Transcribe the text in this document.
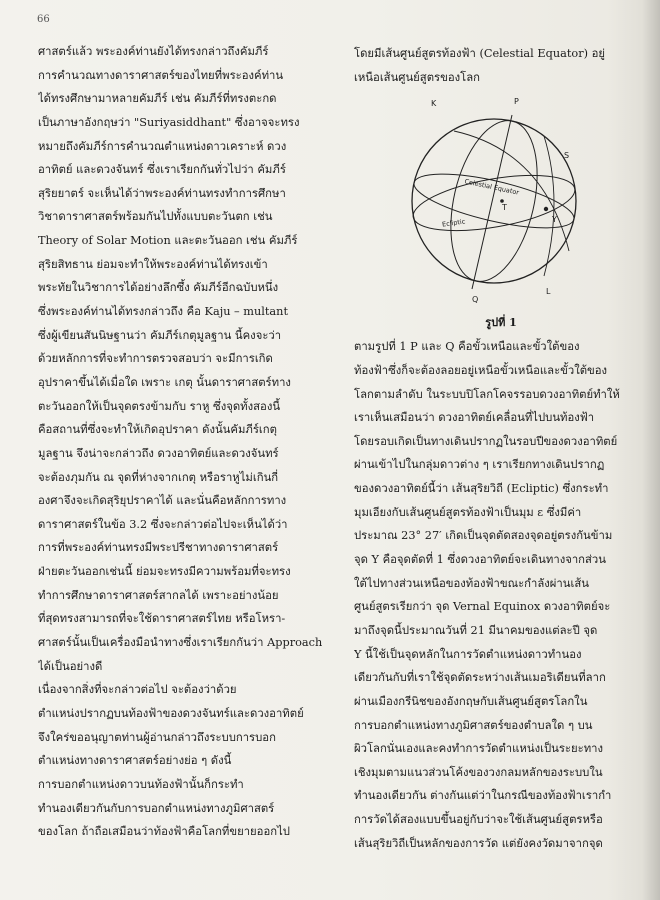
66
ศาสตร์แล้ว พระองค์ท่านยังได้ทรงกล่าวถึงคัมภีร์
การคำนวณทางดาราศาสตร์ของไทยที่พระองค์ท่าน
ได้ทรงศึกษามาหลายคัมภีร์ เช่น คัมภีร์ที่ทรงตะกด
เป็นภาษาอังกฤษว่า "Suriyasiddhant" ซึ่งอาจจะทรง
หมายถึงคัมภีร์การคำนวณตำแหน่งดาวเคราะห์ ดวง
อาทิตย์ และดวงจันทร์ ซึ่งเราเรียกกันทั่วไปว่า คัมภีร์
สุริยยาตร์ จะเห็นได้ว่าพระองค์ท่านทรงทำการศึกษา
วิชาดาราศาสตร์พร้อมกันไปทั้งแบบตะวันตก เช่น
Theory of Solar Motion และตะวันออก เช่น คัมภีร์
สุริยสิทธาน ย่อมจะทำให้พระองค์ท่านได้ทรงเข้า
พระทัยในวิชาการได้อย่างลึกซึ้ง คัมภีร์อีกฉบับหนึ่ง
ซึ่งพระองค์ท่านได้ทรงกล่าวถึง คือ Kaju – multant
ซึ่งผู้เขียนสันนิษฐานว่า คัมภีร์เกตุมูลฐาน นี้คงจะว่า
ด้วยหลักการที่จะทำการตรวจสอบว่า จะมีการเกิด
อุปราคาขึ้นได้เมื่อใด เพราะ เกตุ นั้นดาราศาสตร์ทาง
ตะวันออกให้เป็นจุดตรงข้ามกับ ราหู ซึ่งจุดทั้งสองนี้
คือสถานที่ซึ่งจะทำให้เกิดอุปราคา ดังนั้นคัมภีร์เกตุ
มูลฐาน จึงน่าจะกล่าวถึง ดวงอาทิตย์และดวงจันทร์
จะต้องภุมกัน ณ จุดที่ห่างจากเกตุ หรือราหูไม่เกินกี่
องศาจึงจะเกิดสุริยุปราคาได้ และนั่นคือหลักการทาง
ดาราศาสตร์ในข้อ 3.2 ซึ่งจะกล่าวต่อไปจะเห็นได้ว่า
การที่พระองค์ท่านทรงมีพระปรีชาทางดาราศาสตร์
ฝ่ายตะวันออกเช่นนี้ ย่อมจะทรงมีความพร้อมที่จะทรง
ทำการศึกษาดาราศาสตร์สากลได้ เพราะอย่างน้อย
ที่สุดทรงสามารถที่จะใช้ดาราศาสตร์ไทย หรือโหรา-
ศาสตร์นั้นเป็นเครื่องมือนำทางซึ่งเราเรียกกันว่า Approach
ได้เป็นอย่างดี
เนื่องจากสิ่งที่จะกล่าวต่อไป จะต้องว่าด้วย
ตำแหน่งปรากฏบนท้องฟ้าของดวงจันทร์และดวงอาทิตย์
จึงใคร่ขออนุญาตท่านผู้อ่านกล่าวถึงระบบการบอก
ตำแหน่งทางดาราศาสตร์อย่างย่อ ๆ ดังนี้
การบอกตำแหน่งดาวบนท้องฟ้านั้นก็กระทำ
ทำนองเดียวกันกับการบอกตำแหน่งทางภูมิศาสตร์
ของโลก ถ้าถือเสมือนว่าท้องฟ้าคือโลกที่ขยายออกไป
โดยมีเส้นศูนย์สูตรท้องฟ้า (Celestial Equator) อยู่
เหนือเส้นศูนย์สูตรของโลก
K	P
S
Celestial Equator
Ecliptic
T
Y
Q
L
รูปที่ 1
ตามรูปที่ 1 P และ Q คือขั้วเหนือและขั้วใต้ของ
ท้องฟ้าซึ่งก็จะต้องลอยอยู่เหนือขั้วเหนือและขั้วใต้ของ
โลกตามลำดับ ในระบบปิโลกโคจรรอบดวงอาทิตย์ทำให้
เราเห็นเสมือนว่า ดวงอาทิตย์เคลื่อนที่ไปบนท้องฟ้า
โดยรอบเกิดเป็นทางเดินปรากฏในรอบปีของดวงอาทิตย์
ผ่านเข้าไปในกลุ่มดาวต่าง ๆ เราเรียกทางเดินปรากฏ
ของดวงอาทิตย์นี้ว่า เส้นสุริยวิถี (Ecliptic) ซึ่งกระทำ
มุมเอียงกับเส้นศูนย์สูตรท้องฟ้าเป็นมุม ε ซึ่งมีค่า
ประมาณ 23° 27′ เกิดเป็นจุดตัดสองจุดอยู่ตรงกันข้าม
จุด Y คือจุดตัดที่ 1 ซึ่งดวงอาทิตย์จะเดินทางจากส่วน
ใต้ไปทางส่วนเหนือของท้องฟ้าขณะกำลังผ่านเส้น
ศูนย์สูตรเรียกว่า จุด Vernal Equinox ดวงอาทิตย์จะ
มาถึงจุดนี้ประมาณวันที่ 21 มีนาคมของแต่ละปี จุด
Y นี้ใช้เป็นจุดหลักในการวัดตำแหน่งดาวทำนอง
เดียวกันกับที่เราใช้จุดตัดระหว่างเส้นเมอริเดียนที่ลาก
ผ่านเมืองกรีนิชของอังกฤษกับเส้นศูนย์สูตรโลกใน
การบอกตำแหน่งทางภูมิศาสตร์ของตำบลใด ๆ บน
ผิวโลกนั่นเองและคงทำการวัดตำแหน่งเป็นระยะทาง
เชิงมุมตามแนวส่วนโค้งของวงกลมหลักของระบบใน
ทำนองเดียวกัน ต่างกันแต่ว่าในกรณีของท้องฟ้าเรากำ
การวัดได้สองแบบขึ้นอยู่กับว่าจะใช้เส้นศูนย์สูตรหรือ
เส้นสุริยวิถีเป็นหลักของการวัด แต่ยังคงวัดมาจากจุด
